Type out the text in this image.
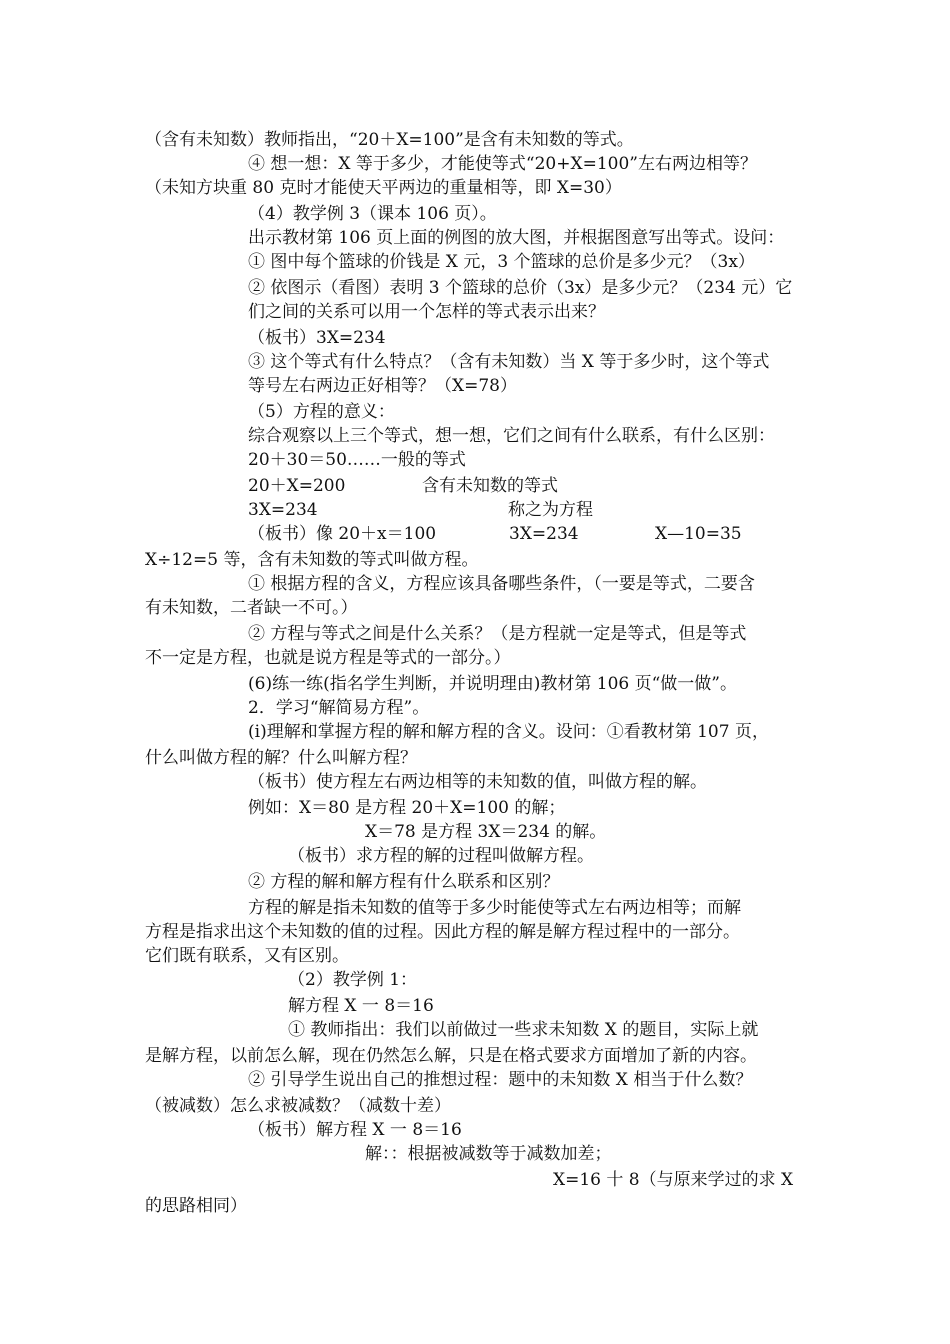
（含有未知数）教师指出，“20＋X=100”是含有未知数的等式。
④ 想一想：X 等于多少，才能使等式“20+X=100”左右两边相等？
（未知方块重 80 克时才能使天平两边的重量相等，即 X=30）
（4）教学例 3（课本 106 页）。
出示教材第 106 页上面的例图的放大图，并根据图意写出等式。设问：
① 图中每个篮球的价钱是 X 元，3 个篮球的总价是多少元？（3x）
② 依图示（看图）表明 3 个篮球的总价（3x）是多少元？（234 元）它
们之间的关系可以用一个怎样的等式表示出来？
（板书）3X=234
③ 这个等式有什么特点？（含有未知数）当 X 等于多少时，这个等式
等号左右两边正好相等？（X=78）
（5）方程的意义：
综合观察以上三个等式，想一想，它们之间有什么联系，有什么区别：
20＋30＝50……一般的等式
20＋X=200	含有未知数的等式
3X=234	称之为方程
（板书）像 20＋x＝100	3X=234	X—10=35
X÷12=5 等，含有未知数的等式叫做方程。
① 根据方程的含义，方程应该具备哪些条件，（一要是等式，二要含
有未知数，二者缺一不可。）
② 方程与等式之间是什么关系？（是方程就一定是等式，但是等式
不一定是方程，也就是说方程是等式的一部分。）
(6)练一练(指名学生判断，并说明理由)教材第 106 页“做一做”。
2．学习“解简易方程”。
(i)理解和掌握方程的解和解方程的含义。设问：①看教材第 107 页，
什么叫做方程的解？什么叫解方程？
（板书）使方程左右两边相等的未知数的值，叫做方程的解。
例如：X＝80 是方程 20＋X=100 的解；
X＝78 是方程 3X＝234 的解。
（板书）求方程的解的过程叫做解方程。
② 方程的解和解方程有什么联系和区别？
方程的解是指未知数的值等于多少时能使等式左右两边相等；而解
方程是指求出这个未知数的值的过程。因此方程的解是解方程过程中的一部分。
它们既有联系，又有区别。
（2）教学例 1：
解方程 X 一 8＝16
① 教师指出：我们以前做过一些求未知数 X 的题目，实际上就
是解方程，以前怎么解，现在仍然怎么解，只是在格式要求方面增加了新的内容。
② 引导学生说出自己的推想过程：题中的未知数 X 相当于什么数？
（被减数）怎么求被减数？（减数十差）
（板书）解方程 X 一 8＝16
解：：根据被减数等于减数加差；
X=16 十 8（与原来学过的求 X
的思路相同）
